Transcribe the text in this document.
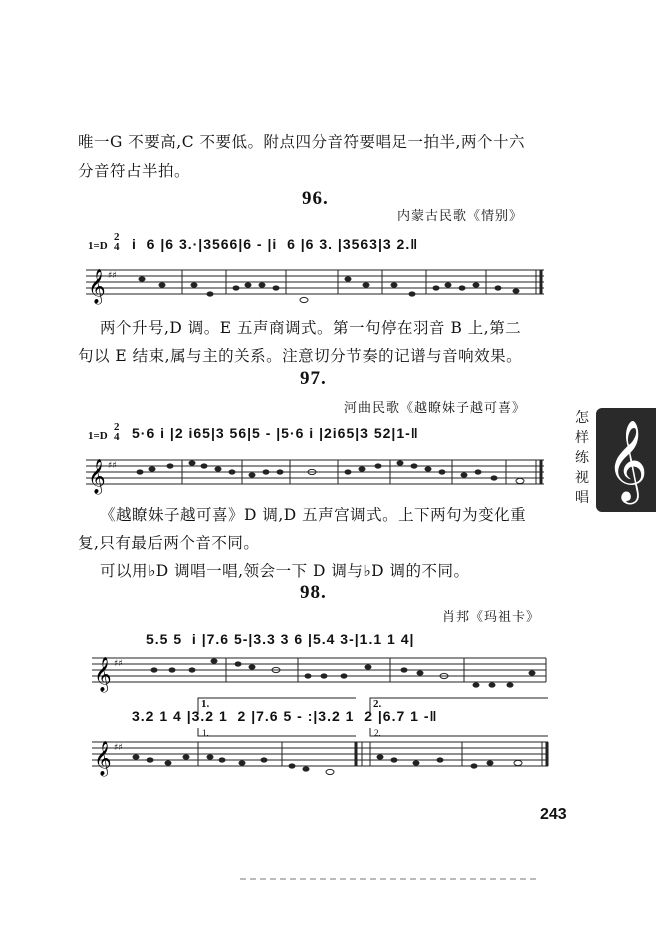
唯一G 不要高,C 不要低。附点四分音符要唱足一拍半,两个十六
分音符占半拍。
96.
内蒙古民歌《情别》
1=D
2
4 i  6 |6 3.·|3566|6 - |i  6 |6 3. |3563|3 2.‖
𝄞 ♯♯
两个升号,D 调。E 五声商调式。第一句停在羽音 B 上,第二
句以 E 结束,属与主的关系。注意切分节奏的记谱与音响效果。
97.
河曲民歌《越瞭妹子越可喜》
1=D
2
4 5·6 i |2 i65|3 56|5 - |5·6 i |2i65|3 52|1-‖
𝄞 ♯♯
《越瞭妹子越可喜》D 调,D 五声宫调式。上下两句为变化重
复,只有最后两个音不同。
可以用♭D 调唱一唱,领会一下 D 调与♭D 调的不同。
98.
肖邦《玛祖卡》
5.5 5  i |7.6 5-|3.3 3 6 |5.4 3-|1.1 1 4|
𝄞 ♯♯
3.2 1 4 |3.2 1  2 |7.6 5 - :|3.2 1  2 |6.7 1 -‖
1.	2.
1.	2.
𝄞 ♯♯
243
怎
样
练
视
唱 𝄞
